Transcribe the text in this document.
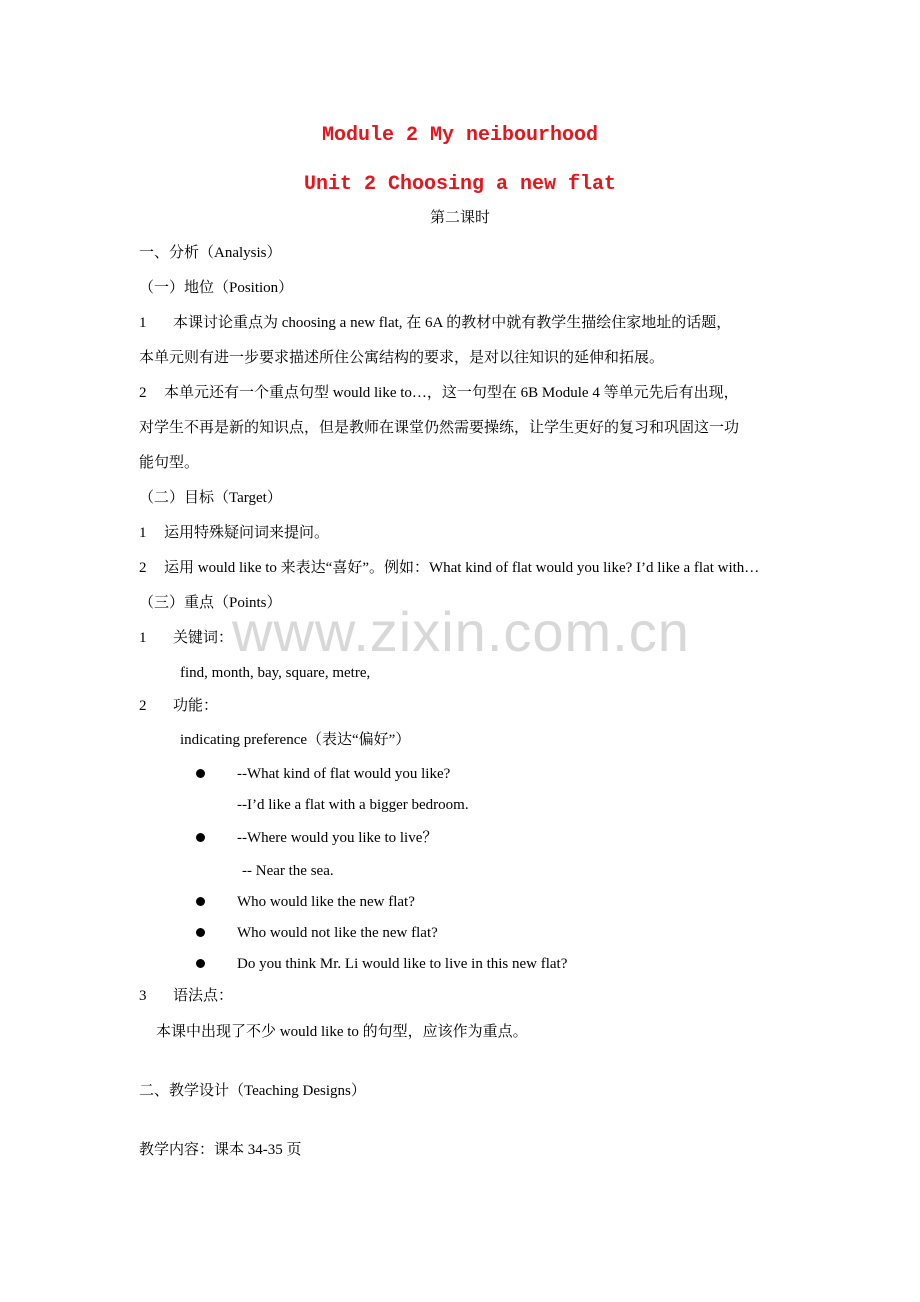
www.zixin.com.cn
Module 2 My neibourhood
Unit 2 Choosing a new flat
第二课时
一、分析（Analysis）
（一）地位（Position）
1 本课讨论重点为 choosing a new flat, 在 6A 的教材中就有教学生描绘住家地址的话题，
本单元则有进一步要求描述所住公寓结构的要求，是对以往知识的延伸和拓展。
2 本单元还有一个重点句型 would like to…，这一句型在 6B Module 4 等单元先后有出现，
对学生不再是新的知识点，但是教师在课堂仍然需要操练，让学生更好的复习和巩固这一功
能句型。
（二）目标（Target）
1 运用特殊疑问词来提问。
2 运用 would like to 来表达“喜好”。例如：What kind of flat would you like? I’d like a flat with…
（三）重点（Points）
1 关键词：
find, month, bay, square, metre,
2 功能：
indicating preference（表达“偏好”）
--What kind of flat would you like?
--I’d like a flat with a bigger bedroom.
--Where would you like to live？
-- Near the sea.
Who would like the new flat?
Who would not like the new flat?
Do you think Mr. Li would like to live in this new flat?
3 语法点：
本课中出现了不少 would like to 的句型，应该作为重点。
二、教学设计（Teaching Designs）
教学内容：课本 34-35 页
